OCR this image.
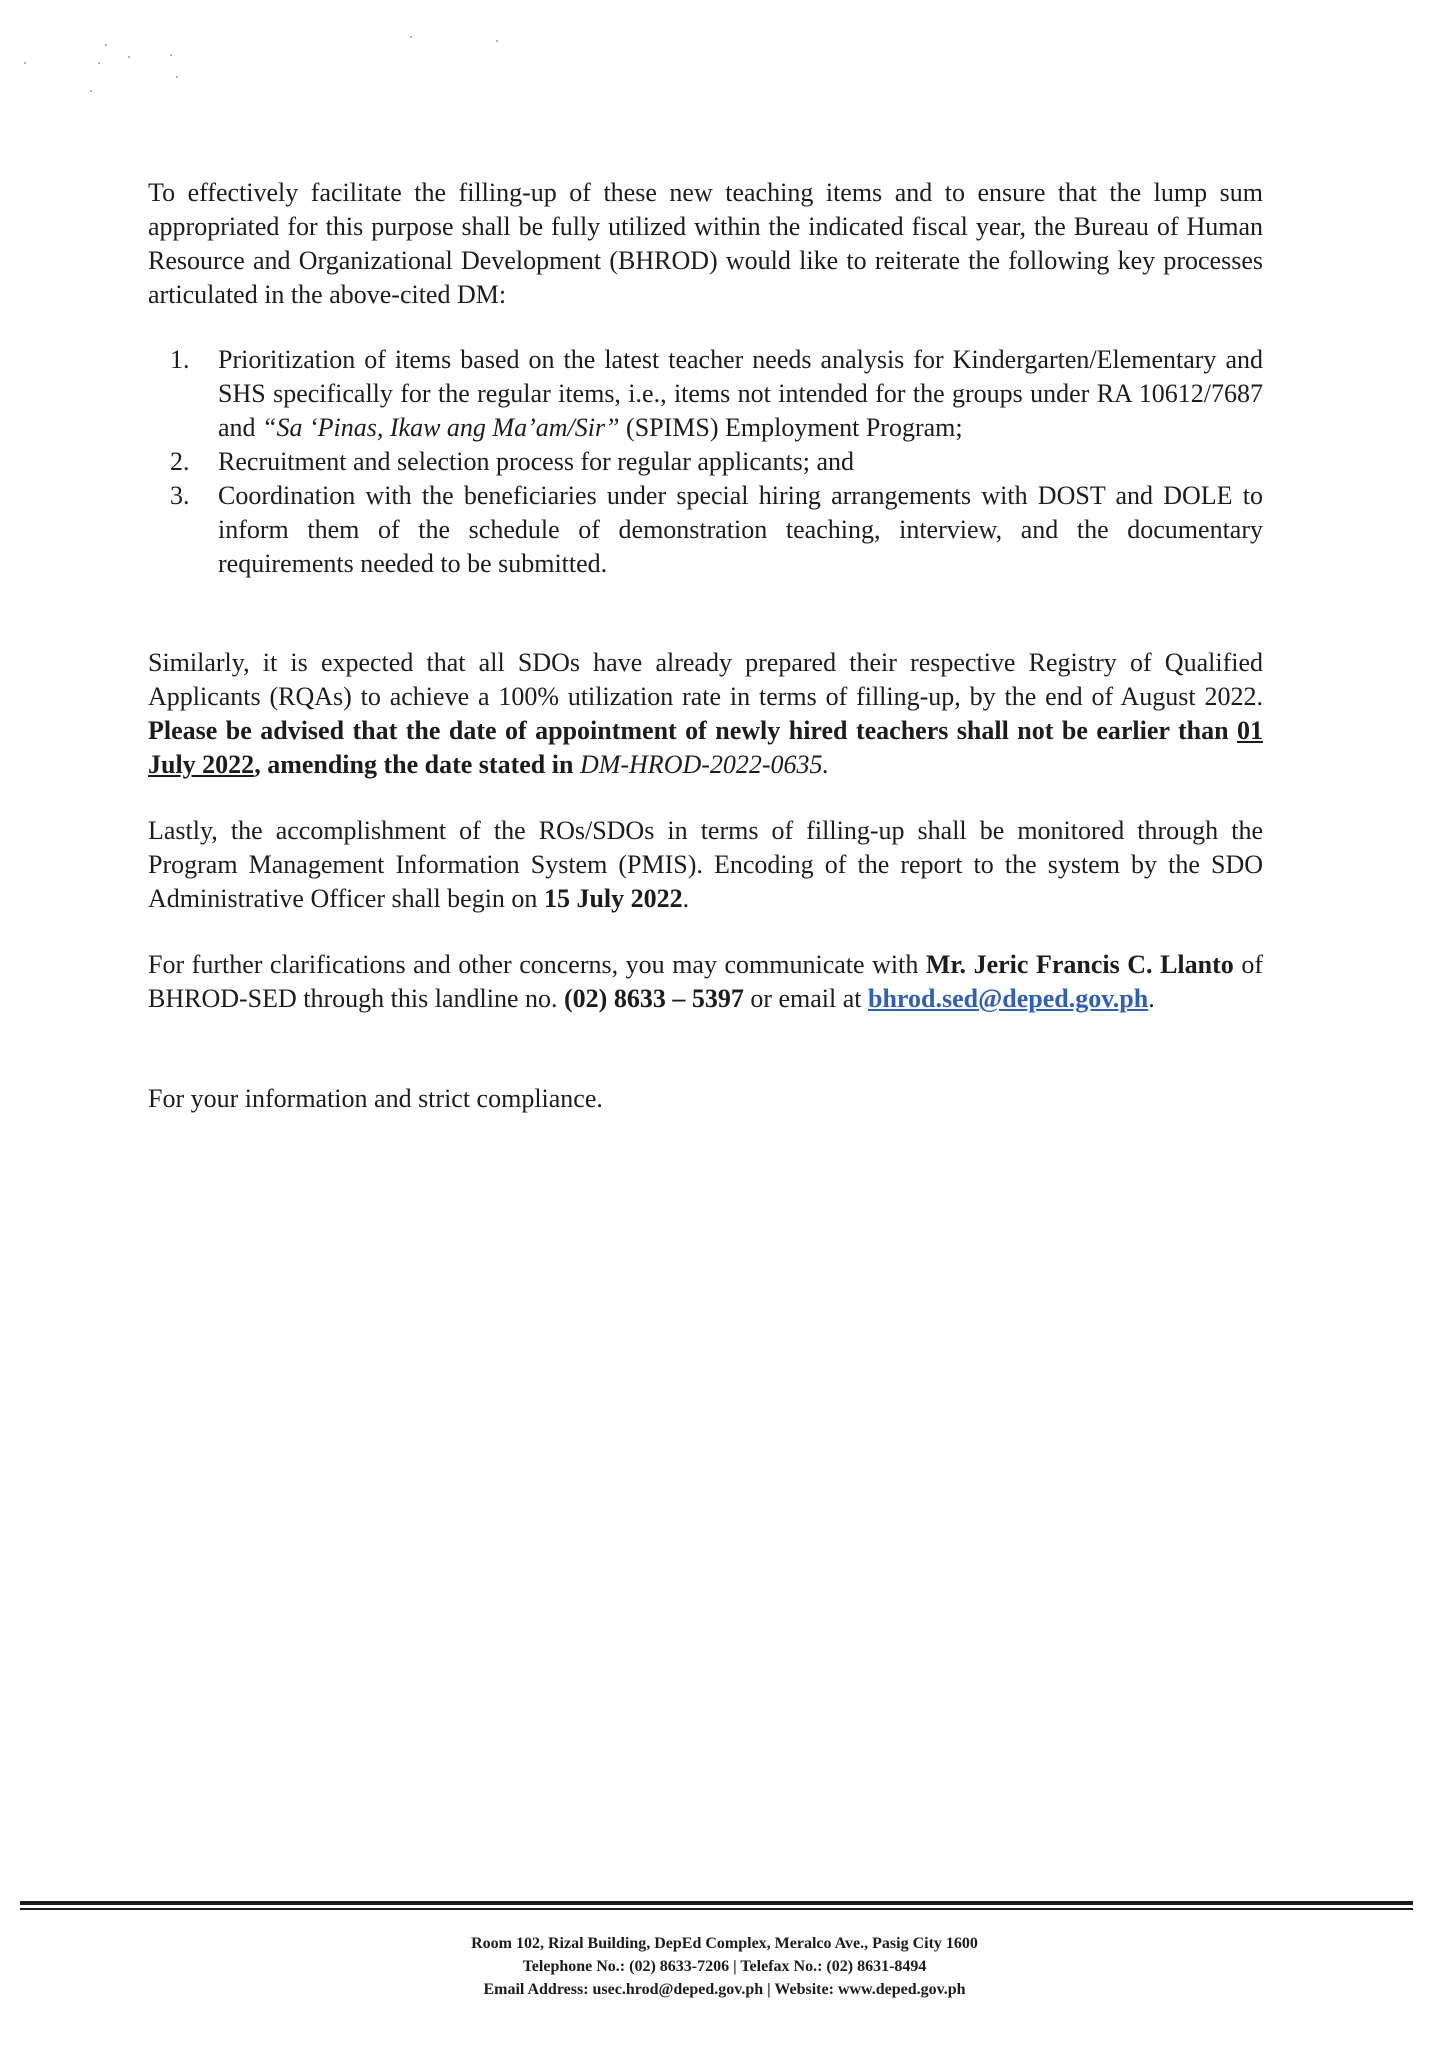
To effectively facilitate the filling-up of these new teaching items and to ensure that the lump sum appropriated for this purpose shall be fully utilized within the indicated fiscal year, the Bureau of Human Resource and Organizational Development (BHROD) would like to reiterate the following key processes articulated in the above-cited DM:

1. Prioritization of items based on the latest teacher needs analysis for Kindergarten/Elementary and SHS specifically for the regular items, i.e., items not intended for the groups under RA 10612/7687 and “Sa ‘Pinas, Ikaw ang Ma’am/Sir” (SPIMS) Employment Program;
2. Recruitment and selection process for regular applicants; and
3. Coordination with the beneficiaries under special hiring arrangements with DOST and DOLE to inform them of the schedule of demonstration teaching, interview, and the documentary requirements needed to be submitted.

Similarly, it is expected that all SDOs have already prepared their respective Registry of Qualified Applicants (RQAs) to achieve a 100% utilization rate in terms of filling-up, by the end of August 2022. Please be advised that the date of appointment of newly hired teachers shall not be earlier than 01 July 2022, amending the date stated in DM-HROD-2022-0635.

Lastly, the accomplishment of the ROs/SDOs in terms of filling-up shall be monitored through the Program Management Information System (PMIS). Encoding of the report to the system by the SDO Administrative Officer shall begin on 15 July 2022.

For further clarifications and other concerns, you may communicate with Mr. Jeric Francis C. Llanto of BHROD-SED through this landline no. (02) 8633 – 5397 or email at bhrod.sed@deped.gov.ph.

For your information and strict compliance.

Room 102, Rizal Building, DepEd Complex, Meralco Ave., Pasig City 1600
Telephone No.: (02) 8633-7206 | Telefax No.: (02) 8631-8494
Email Address: usec.hrod@deped.gov.ph | Website: www.deped.gov.ph
